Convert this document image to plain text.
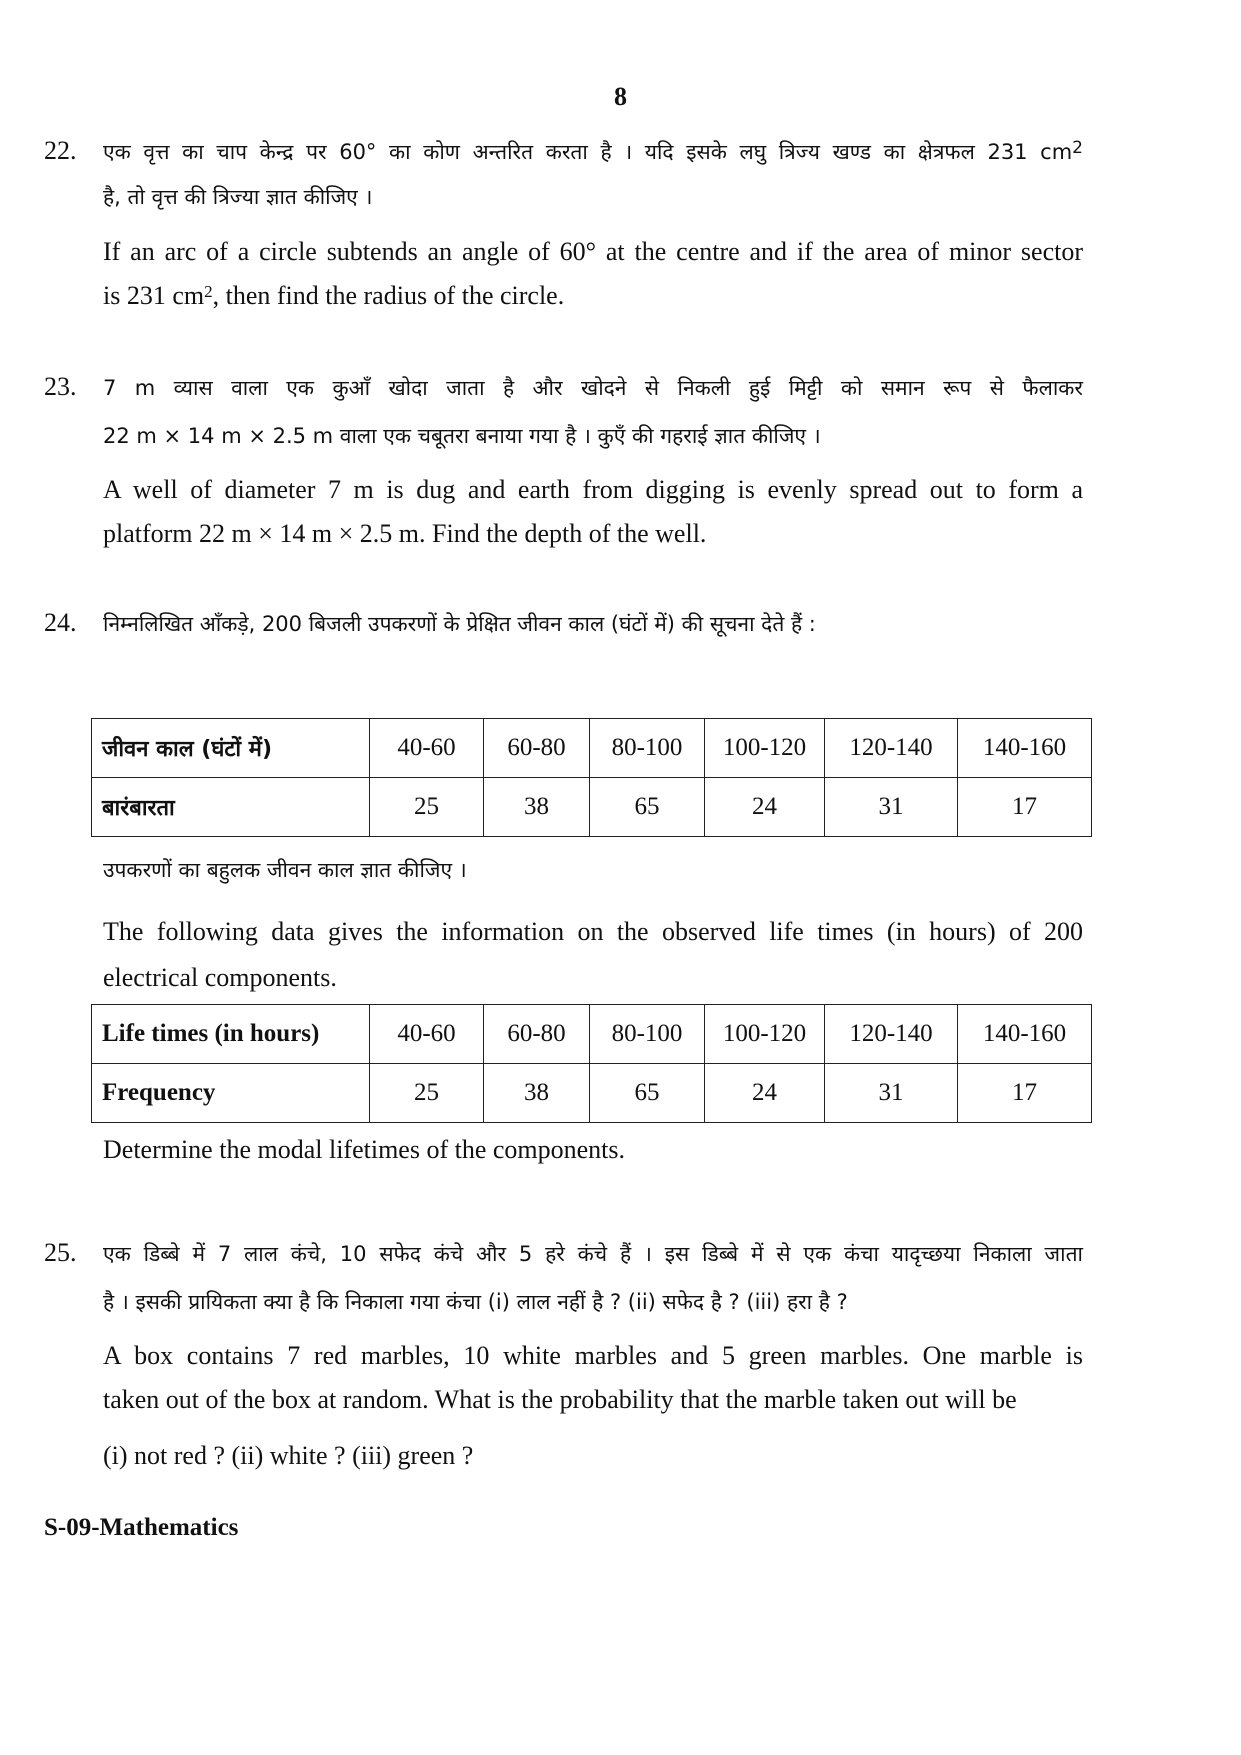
8
22. एक वृत्त का चाप केन्द्र पर 60° का कोण अन्तरित करता है । यदि इसके लघु त्रिज्य खण्ड का क्षेत्रफल 231 $cm^2$
है, तो वृत्त की त्रिज्या ज्ञात कीजिए ।
If an arc of a circle subtends an angle of 60° at the centre and if the area of minor sector
is 231 $cm^2$, then find the radius of the circle.
23. 7 m व्यास वाला एक कुआँ खोदा जाता है और खोदने से निकली हुई मिट्टी को समान रूप से फैलाकर
22 m × 14 m × 2.5 m वाला एक चबूतरा बनाया गया है । कुएँ की गहराई ज्ञात कीजिए ।
A well of diameter 7 m is dug and earth from digging is evenly spread out to form a
platform 22 m × 14 m × 2.5 m. Find the depth of the well.
24. निम्नलिखित आँकड़े, 200 बिजली उपकरणों के प्रेक्षित जीवन काल (घंटों में) की सूचना देते हैं :
जीवन काल (घंटों में)	40-60	60-80	80-100	100-120	120-140	140-160
बारंबारता	25	38	65	24	31	17
उपकरणों का बहुलक जीवन काल ज्ञात कीजिए ।
The following data gives the information on the observed life times (in hours) of 200
electrical components.
Life times (in hours)	40-60	60-80	80-100	100-120	120-140	140-160
Frequency	25	38	65	24	31	17
Determine the modal lifetimes of the components.
25. एक डिब्बे में 7 लाल कंचे, 10 सफेद कंचे और 5 हरे कंचे हैं । इस डिब्बे में से एक कंचा यादृच्छया निकाला जाता
है । इसकी प्रायिकता क्या है कि निकाला गया कंचा (i) लाल नहीं है ? (ii) सफेद है ? (iii) हरा है ?
A box contains 7 red marbles, 10 white marbles and 5 green marbles. One marble is
taken out of the box at random. What is the probability that the marble taken out will be
(i) not red ? (ii) white ? (iii) green ?
S-09-Mathematics
